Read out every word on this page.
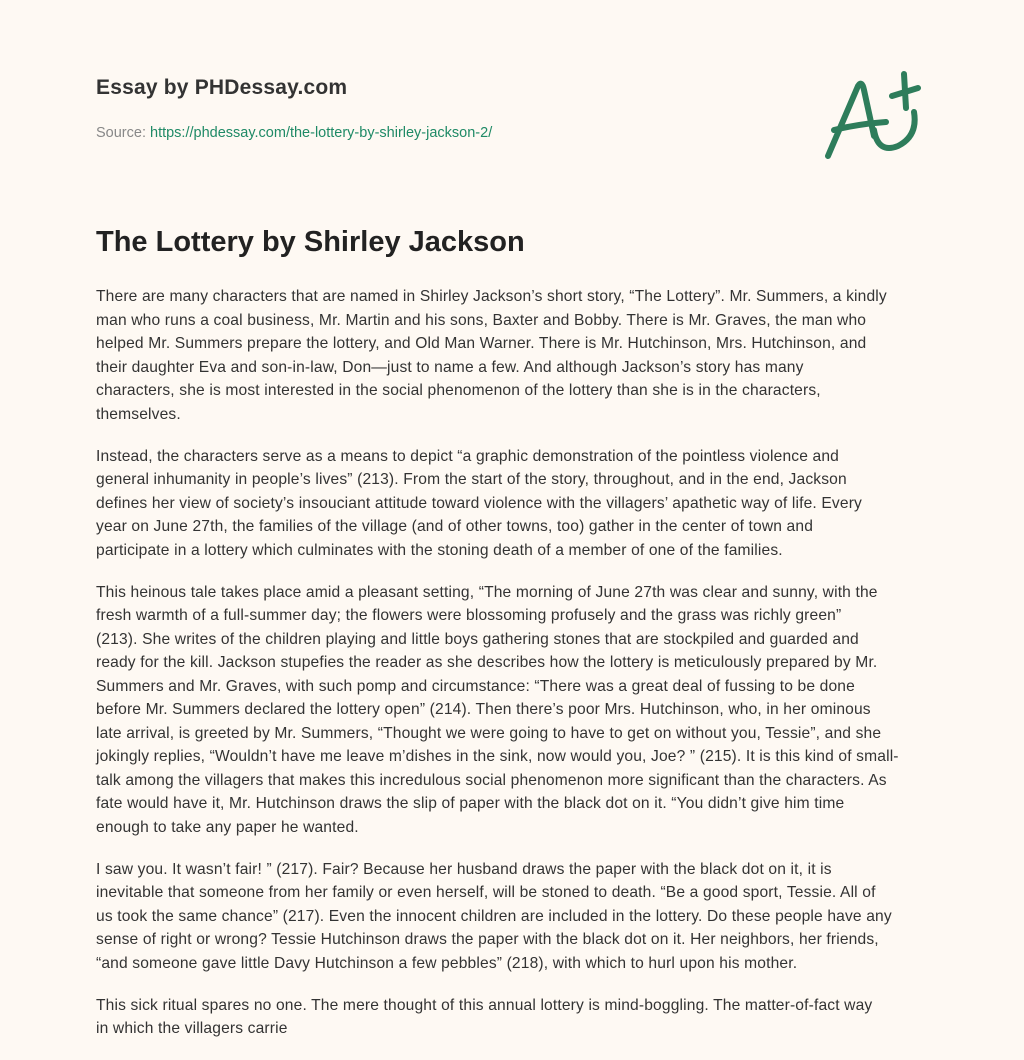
Essay by PHDessay.com
Source: https://phdessay.com/the-lottery-by-shirley-jackson-2/
The Lottery by Shirley Jackson

There are many characters that are named in Shirley Jackson’s short story, “The Lottery”. Mr. Summers, a kindly
man who runs a coal business, Mr. Martin and his sons, Baxter and Bobby. There is Mr. Graves, the man who
helped Mr. Summers prepare the lottery, and Old Man Warner. There is Mr. Hutchinson, Mrs. Hutchinson, and
their daughter Eva and son-in-law, Don—just to name a few. And although Jackson’s story has many
characters, she is most interested in the social phenomenon of the lottery than she is in the characters,
themselves.

Instead, the characters serve as a means to depict “a graphic demonstration of the pointless violence and
general inhumanity in people’s lives” (213). From the start of the story, throughout, and in the end, Jackson
defines her view of society’s insouciant attitude toward violence with the villagers’ apathetic way of life. Every
year on June 27th, the families of the village (and of other towns, too) gather in the center of town and
participate in a lottery which culminates with the stoning death of a member of one of the families.

This heinous tale takes place amid a pleasant setting, “The morning of June 27th was clear and sunny, with the
fresh warmth of a full-summer day; the flowers were blossoming profusely and the grass was richly green”
(213). She writes of the children playing and little boys gathering stones that are stockpiled and guarded and
ready for the kill. Jackson stupefies the reader as she describes how the lottery is meticulously prepared by Mr.
Summers and Mr. Graves, with such pomp and circumstance: “There was a great deal of fussing to be done
before Mr. Summers declared the lottery open” (214). Then there’s poor Mrs. Hutchinson, who, in her ominous
late arrival, is greeted by Mr. Summers, “Thought we were going to have to get on without you, Tessie”, and she
jokingly replies, “Wouldn’t have me leave m’dishes in the sink, now would you, Joe? ” (215). It is this kind of small-
talk among the villagers that makes this incredulous social phenomenon more significant than the characters. As
fate would have it, Mr. Hutchinson draws the slip of paper with the black dot on it. “You didn’t give him time
enough to take any paper he wanted.

I saw you. It wasn’t fair! ” (217). Fair? Because her husband draws the paper with the black dot on it, it is
inevitable that someone from her family or even herself, will be stoned to death. “Be a good sport, Tessie. All of
us took the same chance” (217). Even the innocent children are included in the lottery. Do these people have any
sense of right or wrong? Tessie Hutchinson draws the paper with the black dot on it. Her neighbors, her friends,
“and someone gave little Davy Hutchinson a few pebbles” (218), with which to hurl upon his mother.

This sick ritual spares no one. The mere thought of this annual lottery is mind-boggling. The matter-of-fact way
in which the villagers carrie
